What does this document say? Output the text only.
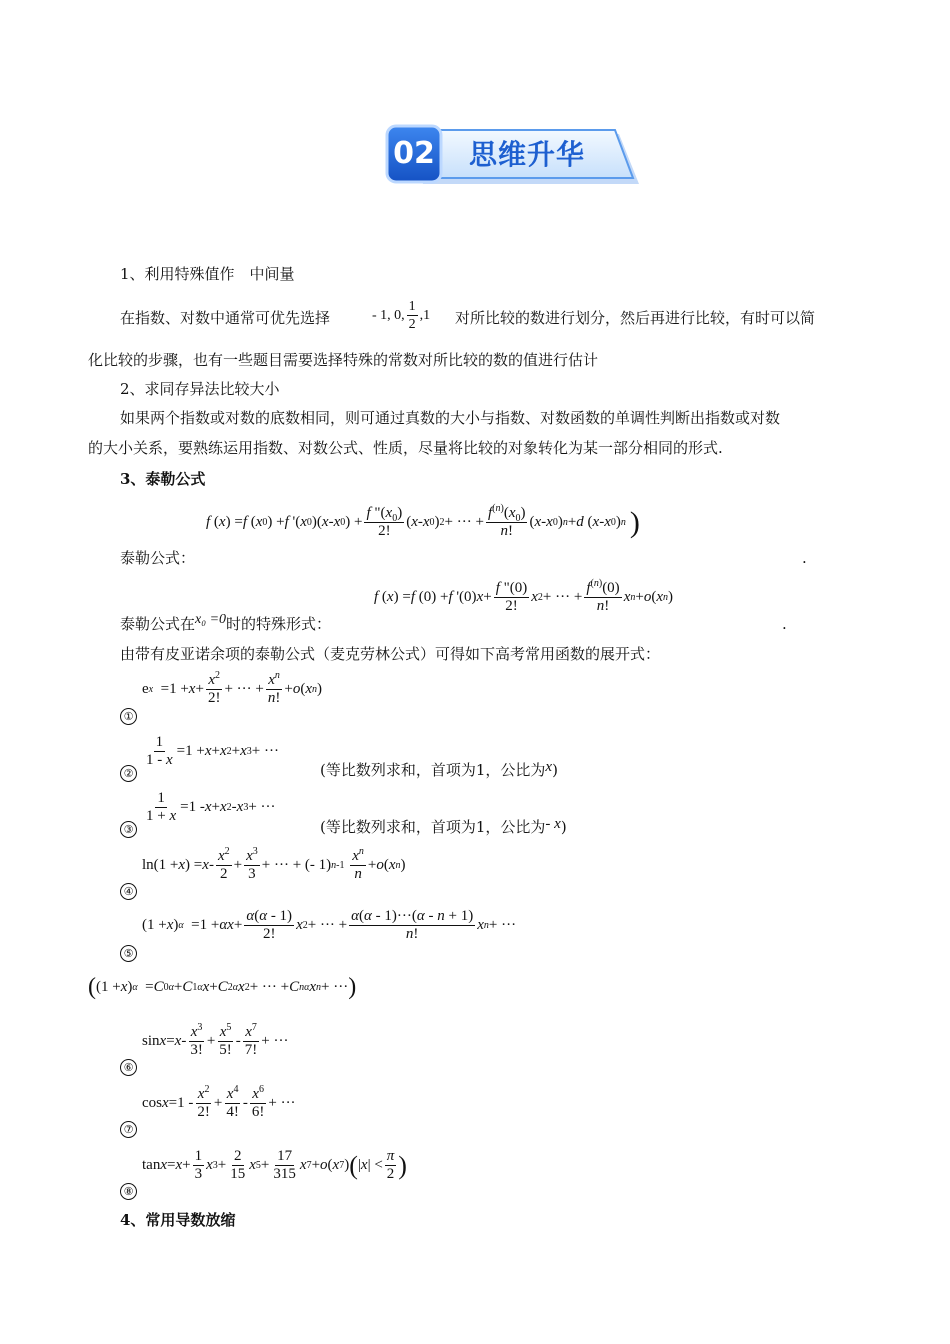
02 思维升华
1、利用特殊值作　中间量
在指数、对数中通常可优先选择	- 1, 0, $\frac{1}{2} ,1$ 对所比较的数进行划分，然后再进行比较，有时可以简
化比较的步骤，也有一些题目需要选择特殊的常数对所比较的数的值进行估计
2、求同存异法比较大小
如果两个指数或对数的底数相同，则可通过真数的大小与指数、对数函数的单调性判断出指数或对数
的大小关系，要熟练运用指数、对数公式、性质，尽量将比较的对象转化为某一部分相同的形式.
3、泰勒公式
f ( x ) = f ( x 0 ) + f '( x 0 )( x - x 0 ) + $\frac{f "(x_0)}{2!}$ ( x - x 0 ) 2 + ··· + $\frac{f^{(n)}(x_0)}{n!}$ ( x - x 0 ) n + d ( x - x 0 ) n )
泰勒公式：	.
f ( x ) = f (0) + f '(0) $x + \frac{f "(0)}{2!}$ x 2 + ··· + $\frac{f^{(n)}(0)}{n!}$ x n + o ( x n )
泰勒公式在x₀ =0时的特殊形式：	.
由带有皮亚诺余项的泰勒公式（麦克劳林公式）可得如下高考常用函数的展开式：
①
e $x =1 + x + \frac{x^2}{2!}$ + ··· + $\frac{x^n}{n!} + o$ ( x n )
②
$\frac{1}{1 - x} =1 + x + x$ 2 + x 3 + ···
(等比数列求和，首项为1，公比为x)
③
$\frac{1}{1 + x} =1 - x + x$ 2 - x 3 + ···
(等比数列求和，首项为1，公比为- x)
④
ln(1 + x ) = $x - \frac{x^2}{2} + \frac{x^3}{3}$ + ··· + (- 1) n-1
$\frac{x^n}{n} + o$ ( x n )
⑤
(1 + x ) $\alpha =1 + \alpha x + \frac{\alpha(\alpha - 1)}{2!}$ x 2 + ··· + $\frac{\alpha(\alpha - 1)\cdot\cdot\cdot(\alpha - n + 1)}{n!}$ x n + ···
( (1 + x ) α = C 0 α + C 1 α x + C 2 α x 2 + ··· + C n α x n + ··· )
⑥
$\sin x = x - \frac{x^3}{3!} + \frac{x^5}{5!} - \frac{x^7}{7!}$ + ···
⑦
$\cos x =1 - \frac{x^2}{2!} + \frac{x^4}{4!} - \frac{x^6}{6!}$ + ···
⑧
$\tan x = x + \frac{1}{3}$ x $3 + \frac{2}{15}$ x $5 + \frac{17}{315}$ x 7 + o ( x 7 ) ( | x | < $\frac{\pi}{2}$ )
4、常用导数放缩
